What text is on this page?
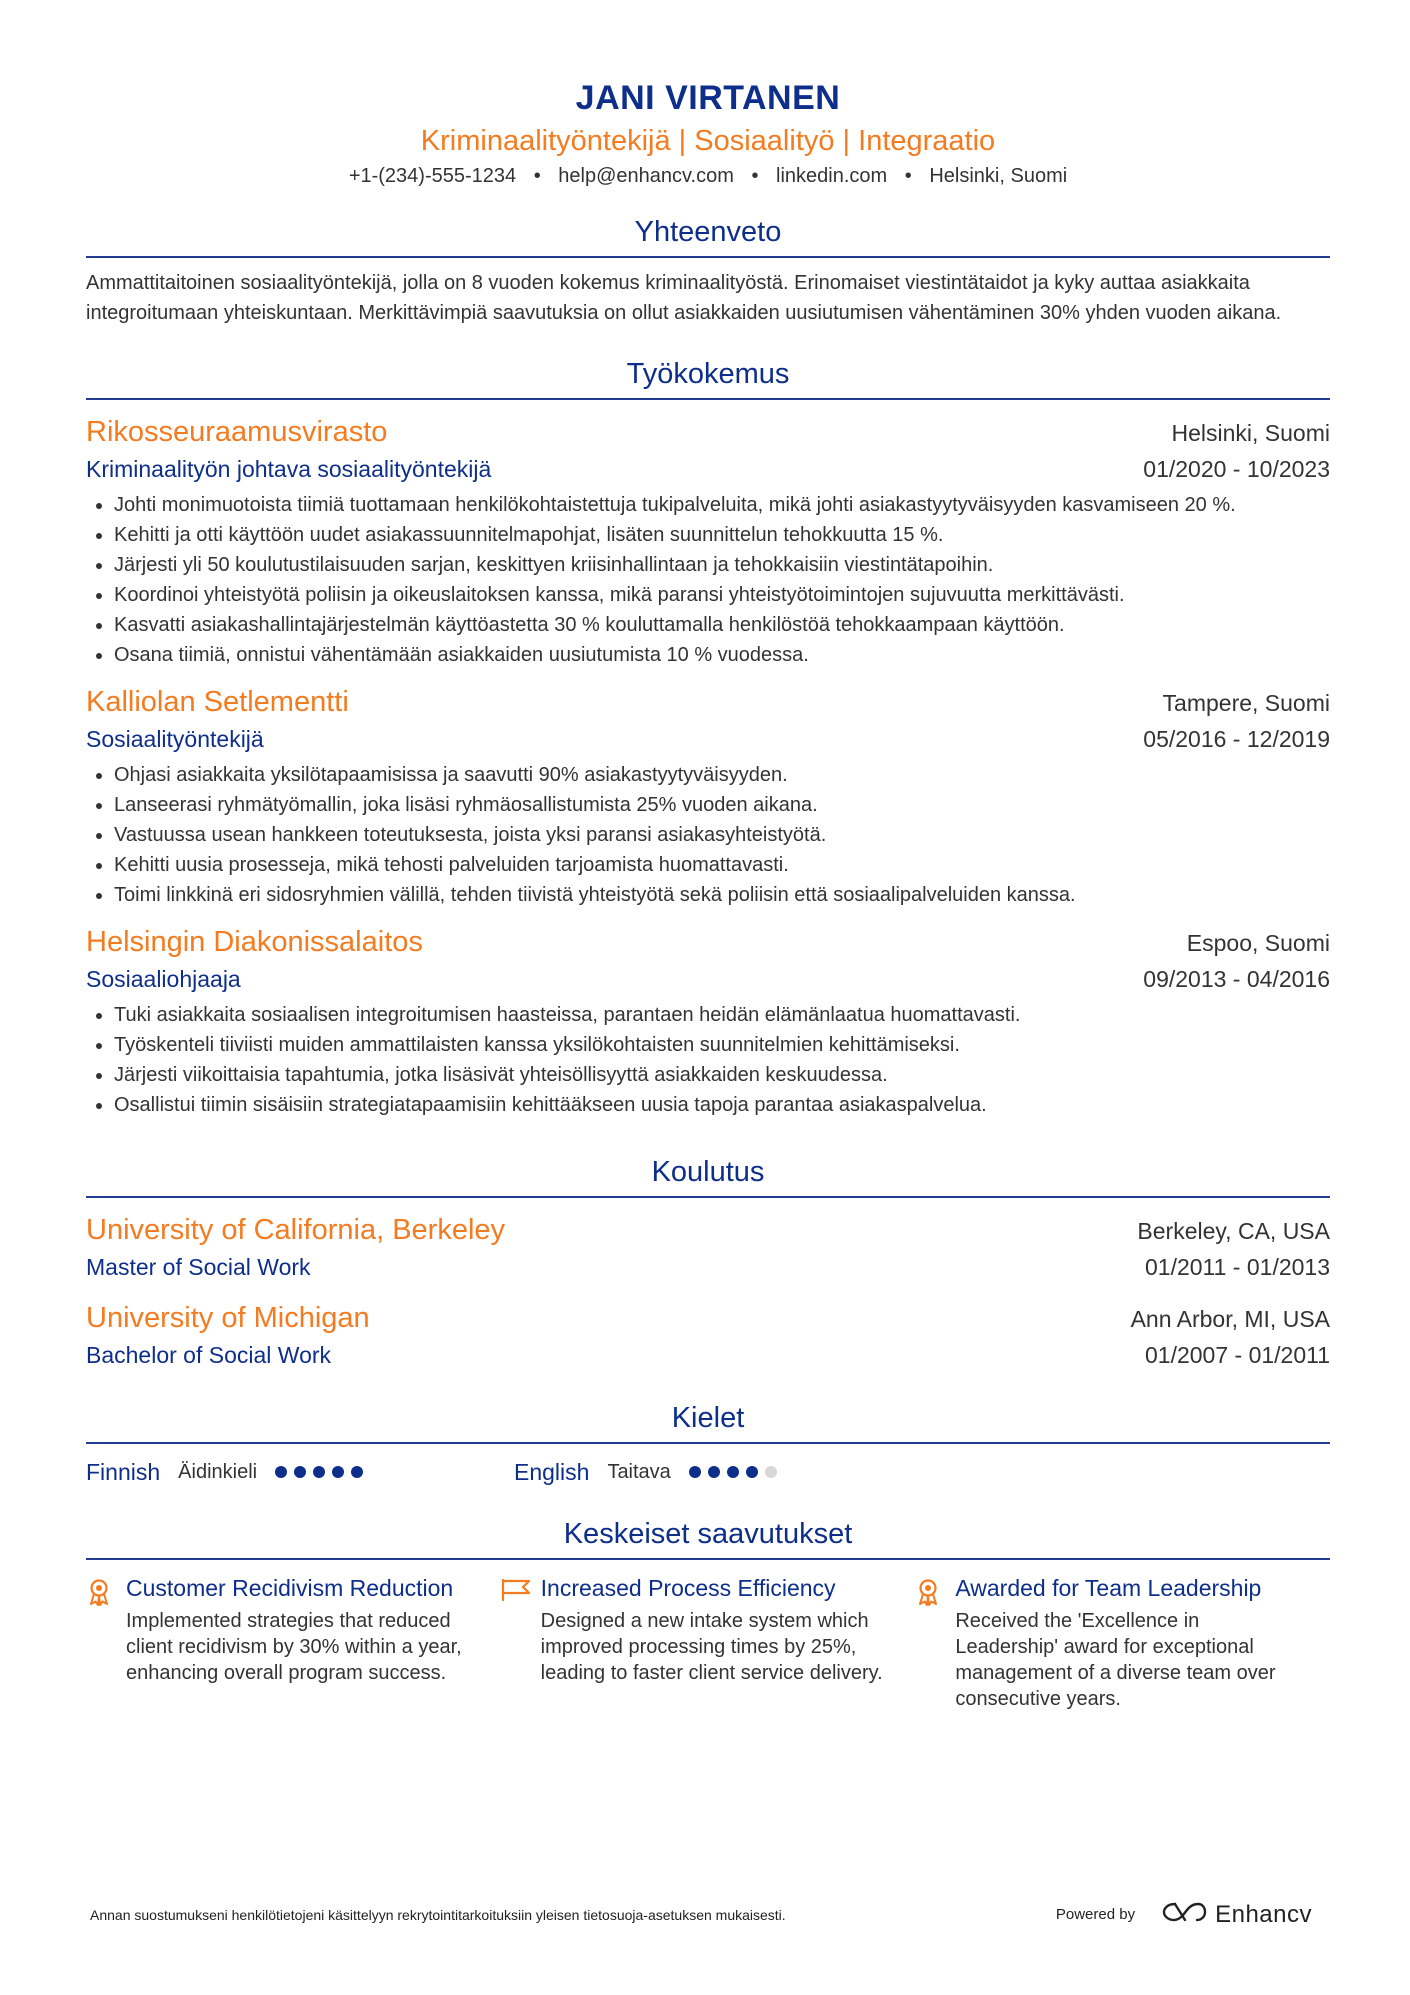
JANI VIRTANEN
Kriminaalityöntekijä | Sosiaalityö | Integraatio
+1-(234)-555-1234 • help@enhancv.com • linkedin.com • Helsinki, Suomi
Yhteenveto
Ammattitaitoinen sosiaalityöntekijä, jolla on 8 vuoden kokemus kriminaalityöstä. Erinomaiset viestintätaidot ja kyky auttaa asiakkaita integroitumaan yhteiskuntaan. Merkittävimpiä saavutuksia on ollut asiakkaiden uusiutumisen vähentäminen 30% yhden vuoden aikana.
Työkokemus
Rikosseuraamusvirasto	Helsinki, Suomi
Kriminaalityön johtava sosiaalityöntekijä	01/2020 - 10/2023
• Johti monimuotoista tiimiä tuottamaan henkilökohtaistettuja tukipalveluita, mikä johti asiakastyytyväisyyden kasvamiseen 20 %.
• Kehitti ja otti käyttöön uudet asiakassuunnitelmapohjat, lisäten suunnittelun tehokkuutta 15 %.
• Järjesti yli 50 koulutustilaisuuden sarjan, keskittyen kriisinhallintaan ja tehokkaisiin viestintätapoihin.
• Koordinoi yhteistyötä poliisin ja oikeuslaitoksen kanssa, mikä paransi yhteistyötoimintojen sujuvuutta merkittävästi.
• Kasvatti asiakashallintajärjestelmän käyttöastetta 30 % kouluttamalla henkilöstöä tehokkaampaan käyttöön.
• Osana tiimiä, onnistui vähentämään asiakkaiden uusiutumista 10 % vuodessa.
Kalliolan Setlementti	Tampere, Suomi
Sosiaalityöntekijä	05/2016 - 12/2019
• Ohjasi asiakkaita yksilötapaamisissa ja saavutti 90% asiakastyytyväisyyden.
• Lanseerasi ryhmätyömallin, joka lisäsi ryhmäosallistumista 25% vuoden aikana.
• Vastuussa usean hankkeen toteutuksesta, joista yksi paransi asiakasyhteistyötä.
• Kehitti uusia prosesseja, mikä tehosti palveluiden tarjoamista huomattavasti.
• Toimi linkkinä eri sidosryhmien välillä, tehden tiivistä yhteistyötä sekä poliisin että sosiaalipalveluiden kanssa.
Helsingin Diakonissalaitos	Espoo, Suomi
Sosiaaliohjaaja	09/2013 - 04/2016
• Tuki asiakkaita sosiaalisen integroitumisen haasteissa, parantaen heidän elämänlaatua huomattavasti.
• Työskenteli tiiviisti muiden ammattilaisten kanssa yksilökohtaisten suunnitelmien kehittämiseksi.
• Järjesti viikoittaisia tapahtumia, jotka lisäsivät yhteisöllisyyttä asiakkaiden keskuudessa.
• Osallistui tiimin sisäisiin strategiatapaamisiin kehittääkseen uusia tapoja parantaa asiakaspalvelua.
Koulutus
University of California, Berkeley	Berkeley, CA, USA
Master of Social Work	01/2011 - 01/2013
University of Michigan	Ann Arbor, MI, USA
Bachelor of Social Work	01/2007 - 01/2011
Kielet
Finnish Äidinkieli	English Taitava
Keskeiset saavutukset
Customer Recidivism Reduction
Implemented strategies that reduced client recidivism by 30% within a year, enhancing overall program success.
Increased Process Efficiency
Designed a new intake system which improved processing times by 25%, leading to faster client service delivery.
Awarded for Team Leadership
Received the 'Excellence in Leadership' award for exceptional management of a diverse team over consecutive years.
Annan suostumukseni henkilötietojeni käsittelyyn rekrytointitarkoituksiin yleisen tietosuoja-asetuksen mukaisesti.	Powered by	Enhancv
